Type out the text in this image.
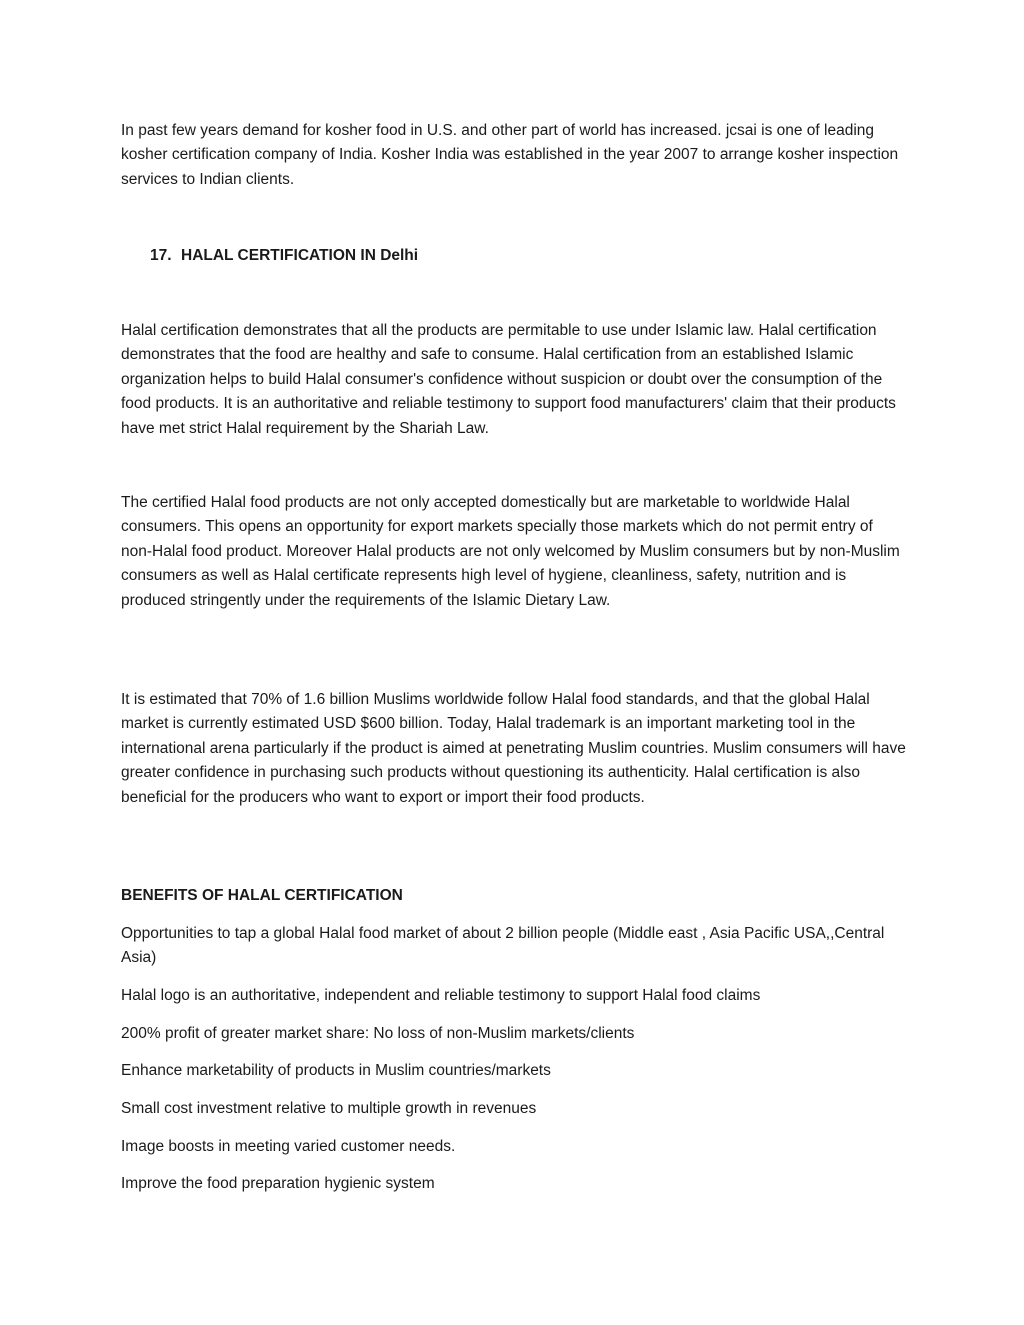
In past few years demand for kosher food in U.S. and other part of world has increased. jcsai is one of leading kosher certification company of India. Kosher India was established in the year 2007 to arrange kosher inspection services to Indian clients.

17. HALAL CERTIFICATION IN Delhi

Halal certification demonstrates that all the products are permitable to use under Islamic law. Halal certification demonstrates that the food are healthy and safe to consume. Halal certification from an established Islamic organization helps to build Halal consumer's confidence without suspicion or doubt over the consumption of the food products. It is an authoritative and reliable testimony to support food manufacturers' claim that their products have met strict Halal requirement by the Shariah Law.

The certified Halal food products are not only accepted domestically but are marketable to worldwide Halal consumers. This opens an opportunity for export markets specially those markets which do not permit entry of non-Halal food product. Moreover Halal products are not only welcomed by Muslim consumers but by non-Muslim consumers as well as Halal certificate represents high level of hygiene, cleanliness, safety, nutrition and is produced stringently under the requirements of the Islamic Dietary Law.

It is estimated that 70% of 1.6 billion Muslims worldwide follow Halal food standards, and that the global Halal market is currently estimated USD $600 billion. Today, Halal trademark is an important marketing tool in the international arena particularly if the product is aimed at penetrating Muslim countries. Muslim consumers will have greater confidence in purchasing such products without questioning its authenticity. Halal certification is also beneficial for the producers who want to export or import their food products.

BENEFITS OF HALAL CERTIFICATION

Opportunities to tap a global Halal food market of about 2 billion people (Middle east , Asia Pacific USA,,Central Asia)

Halal logo is an authoritative, independent and reliable testimony to support Halal food claims

200% profit of greater market share: No loss of non-Muslim markets/clients

Enhance marketability of products in Muslim countries/markets

Small cost investment relative to multiple growth in revenues

Image boosts in meeting varied customer needs.

Improve the food preparation hygienic system
